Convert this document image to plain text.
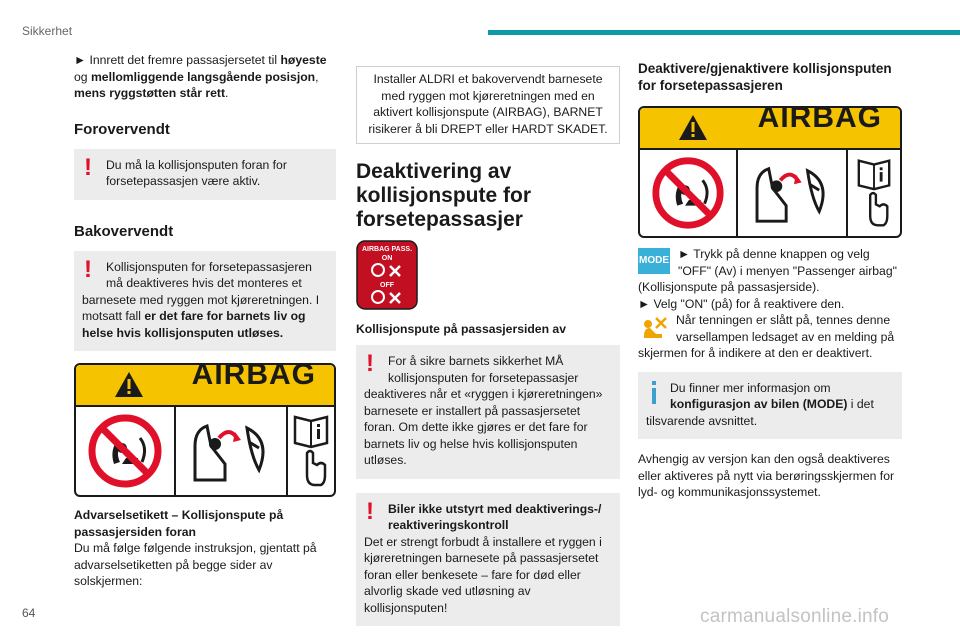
Sikkerhet

► Innrett det fremre passasjersetet til høyeste og mellomliggende langsgående posisjon, mens ryggstøtten står rett.

Forovervendt
!	Du må la kollisjonsputen foran for forsetepassasjen være aktiv.

Bakovervendt
!	Kollisjonsputen for forsetepassasjeren må deaktiveres hvis det monteres et barnesete med ryggen mot kjøreretningen. I motsatt fall er det fare for barnets liv og helse hvis kollisjonsputen utløses.

AIRBAG

Advarselsetikett – Kollisjonspute på passasjersiden foran

Du må følge følgende instruksjon, gjentatt på advarselsetiketten på begge sider av solskjermen:

Installer ALDRI et bakovervendt barnesete med ryggen mot kjøreretningen med en aktivert kollisjonspute (AIRBAG), BARNET risikerer å bli DREPT eller HARDT SKADET.
Deaktivering av kollisjonspute for forsetepassasjer
AIRBAG PASS.
ON
OFF

Kollisjonspute på passasjersiden av

!	For å sikre barnets sikkerhet MÅ kollisjonsputen for forsetepassasjer deaktiveres når et «ryggen i kjøreretningen» barnesete er installert på passasjersetet foran. Om dette ikke gjøres er det fare for barnets liv og helse hvis kollisjonsputen utløses.

!	Biler ikke utstyrt med deaktiverings-/ reaktiveringskontroll

Det er strengt forbudt å installere et ryggen i kjøreretningen barnesete på passasjersetet foran eller benkesete – fare for død eller alvorlig skade ved utløsning av kollisjonsputen!

Deaktivere/gjenaktivere kollisjonsputen for forsetepassasjeren
AIRBAG
MODE ► Trykk på denne knappen og velg "OFF" (Av) i menyen "Passenger airbag" (Kollisjonspute på passasjerside).

► Velg "ON" (på) for å reaktivere den.

Når tenningen er slått på, tennes denne varsellampen ledsaget av en melding på skjermen for å indikere at den er deaktivert.

Du finner mer informasjon om konfigurasjon av bilen (MODE) i det tilsvarende avsnittet.

Avhengig av versjon kan den også deaktiveres eller aktiveres på nytt via berøringsskjermen for lyd- og kommunikasjonssystemet.

64	carmanualsonline.info
